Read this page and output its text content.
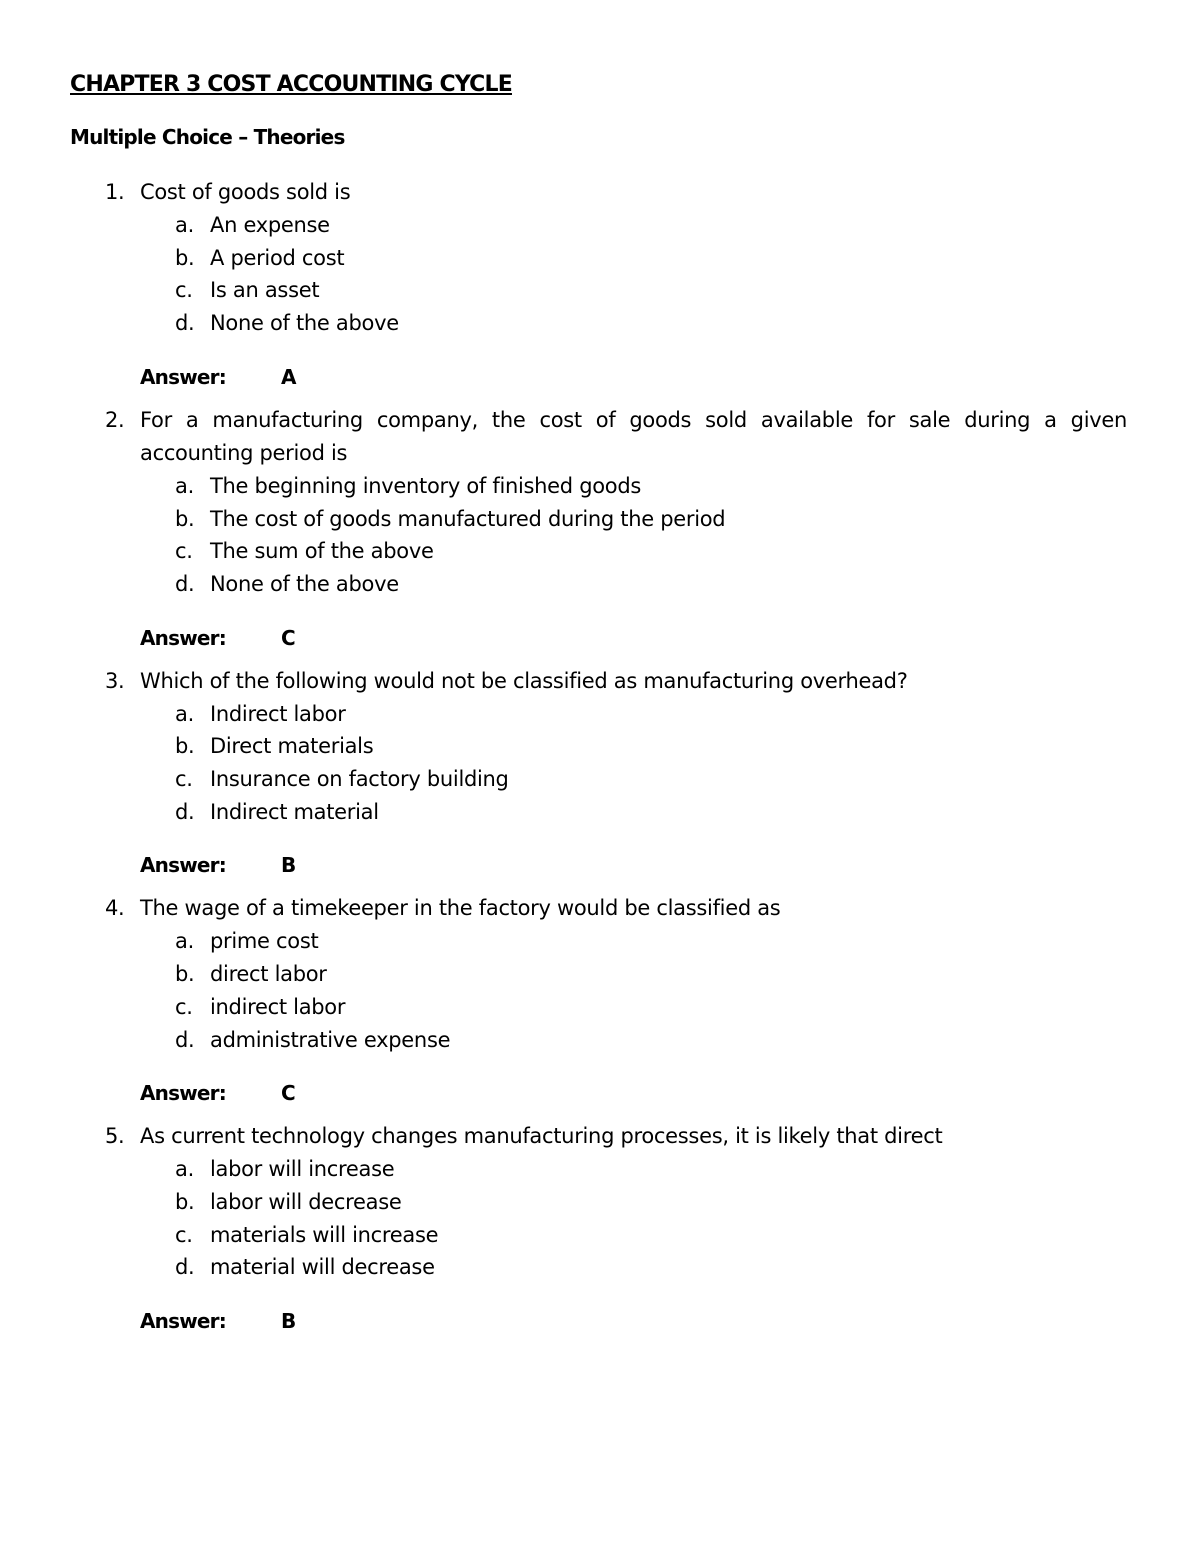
CHAPTER 3 COST ACCOUNTING CYCLE
Multiple Choice – Theories
1. Cost of goods sold is
a. An expense
b. A period cost
c. Is an asset
d. None of the above
Answer:	A
2. For a manufacturing company, the cost of goods sold available for sale during a given accounting period is
a. The beginning inventory of finished goods
b. The cost of goods manufactured during the period
c. The sum of the above
d. None of the above
Answer:	C
3. Which of the following would not be classified as manufacturing overhead?
a. Indirect labor
b. Direct materials
c. Insurance on factory building
d. Indirect material
Answer:	B
4. The wage of a timekeeper in the factory would be classified as
a. prime cost
b. direct labor
c. indirect labor
d. administrative expense
Answer:	C
5. As current technology changes manufacturing processes, it is likely that direct
a. labor will increase
b. labor will decrease
c. materials will increase
d. material will decrease
Answer:	B
